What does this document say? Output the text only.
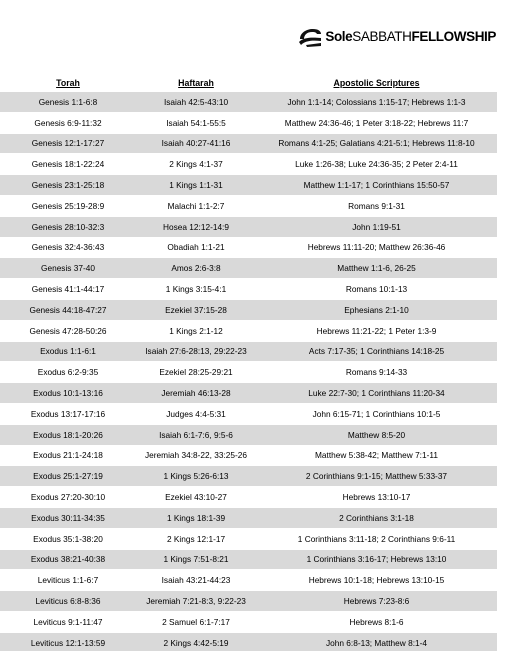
SoleSABBATHFELLOWSHIP
Torah	Haftarah	Apostolic Scriptures
Genesis 1:1-6:8	Isaiah 42:5-43:10	John 1:1-14; Colossians 1:15-17; Hebrews 1:1-3
Genesis 6:9-11:32	Isaiah 54:1-55:5	Matthew 24:36-46; 1 Peter 3:18-22; Hebrews 11:7
Genesis 12:1-17:27	Isaiah 40:27-41:16	Romans 4:1-25; Galatians 4:21-5:1; Hebrews 11:8-10
Genesis 18:1-22:24	2 Kings 4:1-37	Luke 1:26-38; Luke 24:36-35; 2 Peter 2:4-11
Genesis 23:1-25:18	1 Kings 1:1-31	Matthew 1:1-17; 1 Corinthians 15:50-57
Genesis 25:19-28:9	Malachi 1:1-2:7	Romans 9:1-31
Genesis 28:10-32:3	Hosea 12:12-14:9	John 1:19-51
Genesis 32:4-36:43	Obadiah 1:1-21	Hebrews 11:11-20; Matthew 26:36-46
Genesis 37-40	Amos 2:6-3:8	Matthew 1:1-6, 26-25
Genesis 41:1-44:17	1 Kings 3:15-4:1	Romans 10:1-13
Genesis 44:18-47:27	Ezekiel 37:15-28	Ephesians 2:1-10
Genesis 47:28-50:26	1 Kings 2:1-12	Hebrews 11:21-22; 1 Peter 1:3-9
Exodus 1:1-6:1	Isaiah 27:6-28:13, 29:22-23	Acts 7:17-35; 1 Corinthians 14:18-25
Exodus 6:2-9:35	Ezekiel 28:25-29:21	Romans 9:14-33
Exodus 10:1-13:16	Jeremiah 46:13-28	Luke 22:7-30; 1 Corinthians 11:20-34
Exodus 13:17-17:16	Judges 4:4-5:31	John 6:15-71; 1 Corinthians 10:1-5
Exodus 18:1-20:26	Isaiah 6:1-7:6, 9:5-6	Matthew 8:5-20
Exodus 21:1-24:18	Jeremiah 34:8-22, 33:25-26	Matthew 5:38-42; Matthew 7:1-11
Exodus 25:1-27:19	1 Kings 5:26-6:13	2 Corinthians 9:1-15; Matthew 5:33-37
Exodus 27:20-30:10	Ezekiel 43:10-27	Hebrews 13:10-17
Exodus 30:11-34:35	1 Kings 18:1-39	2 Corinthians 3:1-18
Exodus 35:1-38:20	2 Kings 12:1-17	1 Corinthians 3:11-18; 2 Corinthians 9:6-11
Exodus 38:21-40:38	1 Kings 7:51-8:21	1 Corinthians 3:16-17; Hebrews 13:10
Leviticus 1:1-6:7	Isaiah 43:21-44:23	Hebrews 10:1-18; Hebrews 13:10-15
Leviticus 6:8-8:36	Jeremiah 7:21-8:3, 9:22-23	Hebrews 7:23-8:6
Leviticus 9:1-11:47	2 Samuel 6:1-7:17	Hebrews 8:1-6
Leviticus 12:1-13:59	2 Kings 4:42-5:19	John 6:8-13; Matthew 8:1-4
